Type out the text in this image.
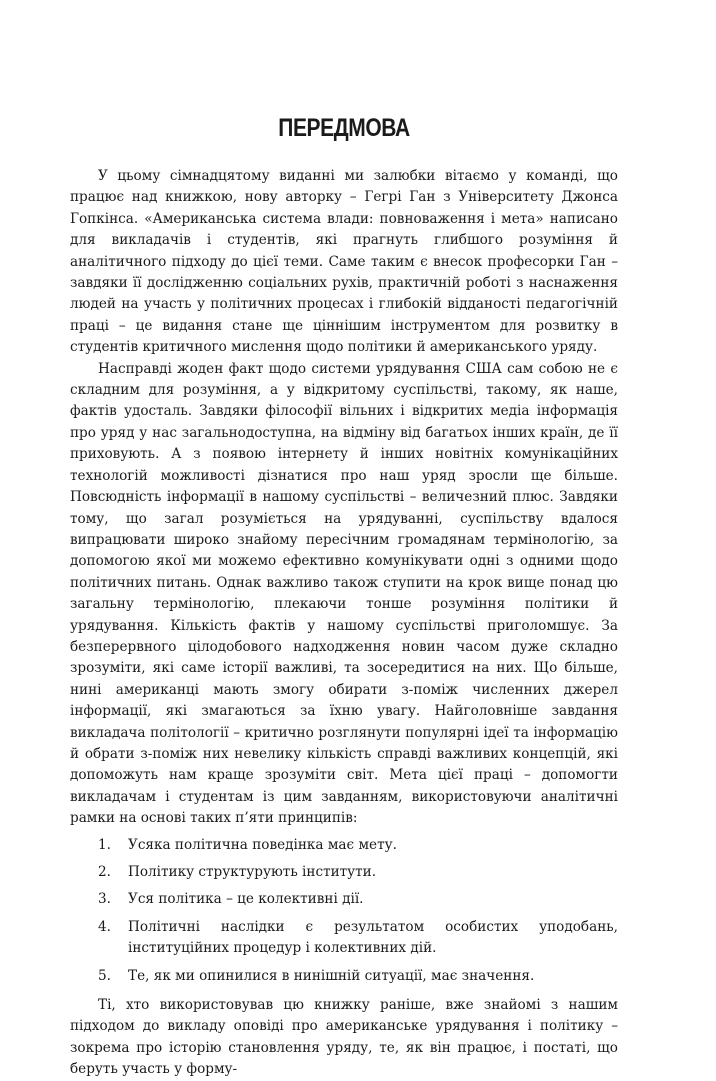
ПЕРЕДМОВА

У цьому сімнадцятому виданні ми залюбки вітаємо у команді, що працює над книжкою, нову авторку – Гегрі Ган з Університету Джонса Гопкінса. «Американська система влади: повноваження і мета» написано для викладачів і студентів, які прагнуть глибшого розуміння й аналітичного підходу до цієї теми. Саме таким є внесок професорки Ган – завдяки її дослідженню соціальних рухів, практичній роботі з наснаження людей на участь у політичних процесах і глибокій відданості педагогічній праці – це видання стане ще ціннішим інструментом для розвитку в студентів критичного мислення щодо політики й американського уряду.

Насправді жоден факт щодо системи урядування США сам собою не є складним для розуміння, а у відкритому суспільстві, такому, як наше, фактів удосталь. Завдяки філософії вільних і відкритих медіа інформація про уряд у нас загальнодоступна, на відміну від багатьох інших країн, де її приховують. А з появою інтернету й інших новітніх комунікаційних технологій можливості дізнатися про наш уряд зросли ще більше. Повсюдність інформації в нашому суспільстві – величезний плюс. Завдяки тому, що загал розуміється на урядуванні, суспільству вдалося випрацювати широко знайому пересічним громадянам термінологію, за допомогою якої ми можемо ефективно комунікувати одні з одними щодо політичних питань. Однак важливо також ступити на крок вище понад цю загальну термінологію, плекаючи тонше розуміння політики й урядування. Кількість фактів у нашому суспільстві приголомшує. За безперервного цілодобового надходження новин часом дуже складно зрозуміти, які саме історії важливі, та зосередитися на них. Що більше, нині американці мають змогу обирати з-поміж численних джерел інформації, які змагаються за їхню увагу. Найголовніше завдання викладача політології – критично розглянути популярні ідеї та інформацію й обрати з-поміж них невелику кількість справді важливих концепцій, які допоможуть нам краще зрозуміти світ. Мета цієї праці – допомогти викладачам і студентам із цим завданням, використовуючи аналітичні рамки на основі таких п’яти принципів:

1.	Усяка політична поведінка має мету.
2.	Політику структурують інститути.
3.	Уся політика – це колективні дії.
4.	Політичні наслідки є результатом особистих уподобань, інституційних процедур і колективних дій.
5.	Те, як ми опинилися в нинішній ситуації, має значення.

Ті, хто використовував цю книжку раніше, вже знайомі з нашим підходом до викладу оповіді про американське урядування і політику – зокрема про історію становлення уряду, те, як він працює, і постаті, що беруть участь у форму-
